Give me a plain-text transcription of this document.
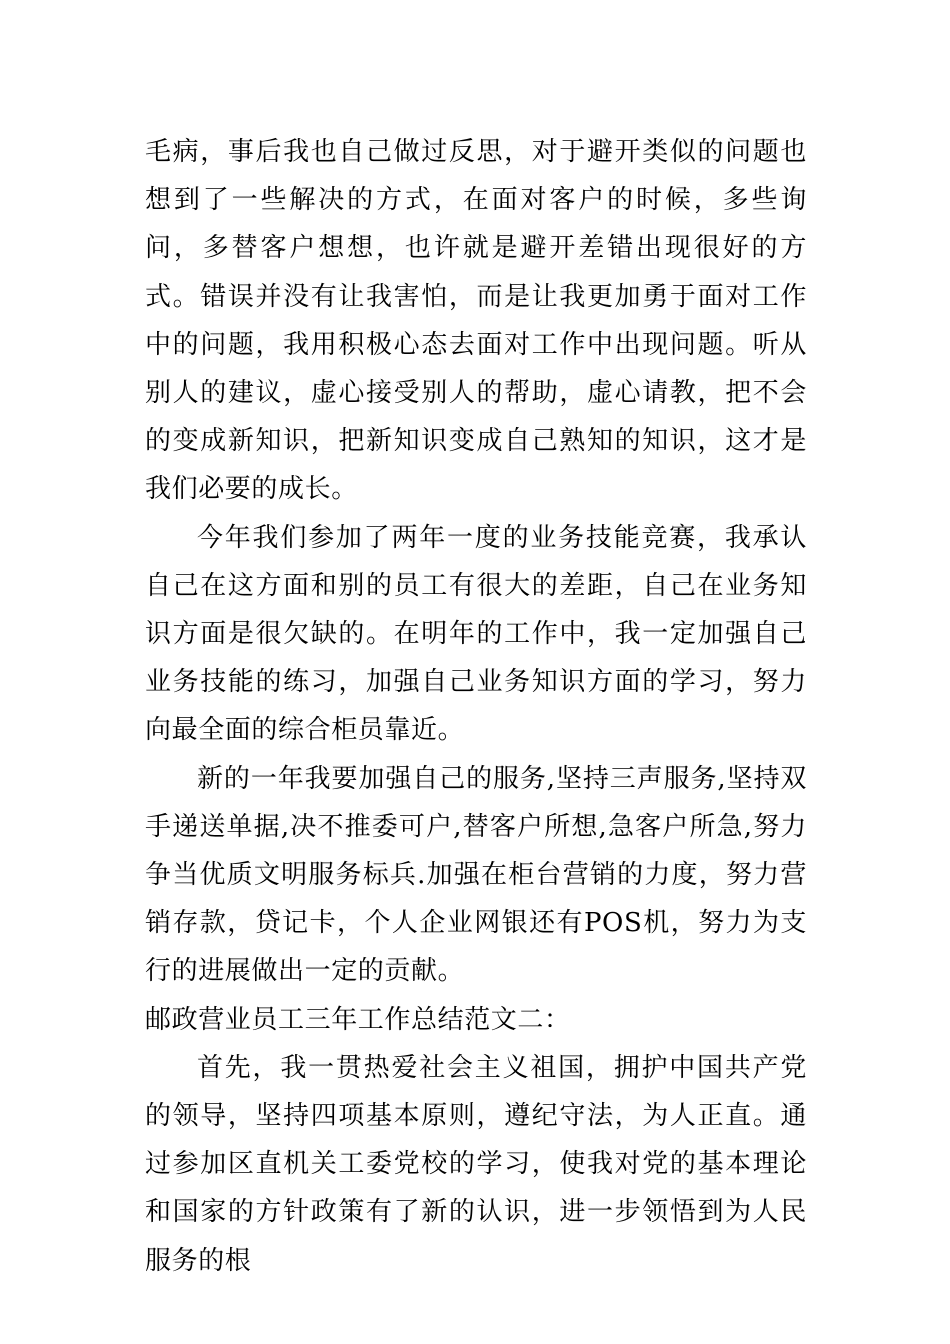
毛病，事后我也自己做过反思，对于避开类似的问题也想到了一些解决的方式，在面对客户的时候，多些询问，多替客户想想，也许就是避开差错出现很好的方式。错误并没有让我害怕，而是让我更加勇于面对工作中的问题，我用积极心态去面对工作中出现问题。听从别人的建议，虚心接受别人的帮助，虚心请教，把不会的变成新知识，把新知识变成自己熟知的知识，这才是我们必要的成长。

今年我们参加了两年一度的业务技能竞赛，我承认自己在这方面和别的员工有很大的差距，自己在业务知识方面是很欠缺的。在明年的工作中，我一定加强自己业务技能的练习，加强自己业务知识方面的学习，努力向最全面的综合柜员靠近。

新的一年我要加强自己的服务,坚持三声服务,坚持双手递送单据,决不推委可户,替客户所想,急客户所急,努力争当优质文明服务标兵.加强在柜台营销的力度，努力营销存款，贷记卡，个人企业网银还有POS机，努力为支行的进展做出一定的贡献。

邮政营业员工三年工作总结范文二：

首先，我一贯热爱社会主义祖国，拥护中国共产党的领导，坚持四项基本原则，遵纪守法，为人正直。通过参加区直机关工委党校的学习，使我对党的基本理论和国家的方针政策有了新的认识，进一步领悟到为人民服务的根
